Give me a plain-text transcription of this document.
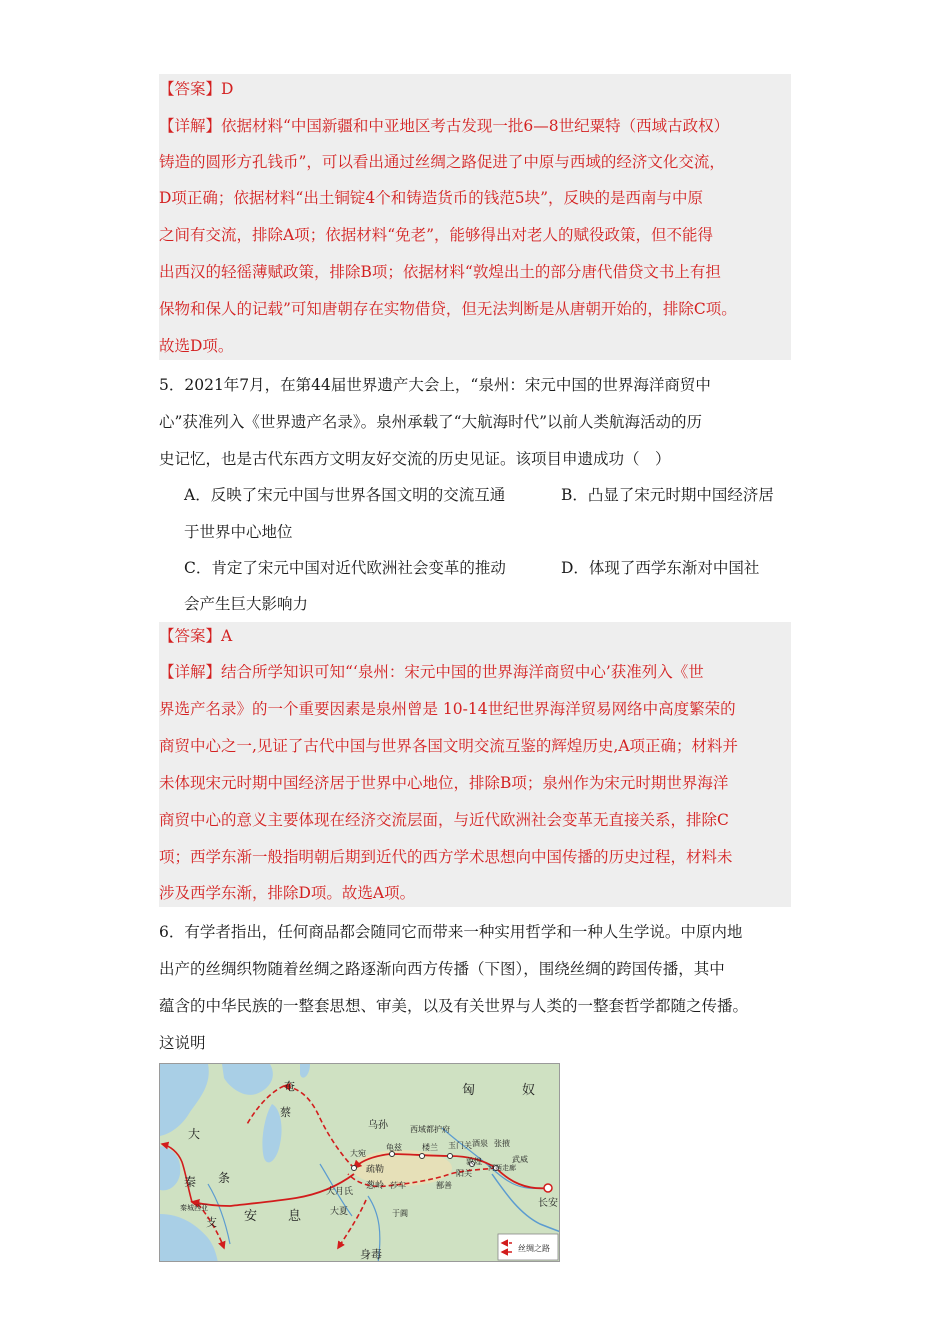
【答案】D
【详解】依据材料“中国新疆和中亚地区考古发现一批6—8世纪粟特（西域古政权）
铸造的圆形方孔钱币”，可以看出通过丝绸之路促进了中原与西域的经济文化交流，
D项正确；依据材料“出土铜锭4个和铸造货币的钱范5块”，反映的是西南与中原
之间有交流，排除A项；依据材料“免老”，能够得出对老人的赋役政策，但不能得
出西汉的轻徭薄赋政策，排除B项；依据材料“敦煌出土的部分唐代借贷文书上有担
保物和保人的记载”可知唐朝存在实物借贷，但无法判断是从唐朝开始的，排除C项。
故选D项。
5．2021年7月，在第44届世界遗产大会上，“泉州：宋元中国的世界海洋商贸中
心”获准列入《世界遗产名录》。泉州承载了“大航海时代”以前人类航海活动的历
史记忆，也是古代东西方文明友好交流的历史见证。该项目申遗成功（　）
A．反映了宋元中国与世界各国文明的交流互通	B．凸显了宋元时期中国经济居
于世界中心地位
C．肯定了宋元中国对近代欧洲社会变革的推动	D．体现了西学东渐对中国社
会产生巨大影响力
【答案】A
【详解】结合所学知识可知“‘泉州：宋元中国的世界海洋商贸中心’获准列入《世
界选产名录》的一个重要因素是泉州曾是 10-14世纪世界海洋贸易网络中高度繁荣的
商贸中心之一,见证了古代中国与世界各国文明交流互鉴的辉煌历史,A项正确；材料并
未体现宋元时期中国经济居于世界中心地位，排除B项；泉州作为宋元时期世界海洋
商贸中心的意义主要体现在经济交流层面，与近代欧洲社会变革无直接关系，排除C
项；西学东渐一般指明朝后期到近代的西方学术思想向中国传播的历史过程，材料未
涉及西学东渐，排除D项。故选A项。
6．有学者指出，任何商品都会随同它而带来一种实用哲学和一种人生学说。中原内地
出产的丝绸织物随着丝绸之路逐渐向西方传播（下图），围绕丝绸的跨国传播，其中
蕴含的中华民族的一整套思想、审美，以及有关世界与人类的一整套哲学都随之传播。
这说明
匈	奴
奄
蔡
大
秦 条
支 安 息
乌孙	西域都护府
大宛
龟兹	楼兰 玉门关 酒泉 张掖
武威
敦煌
河西走廊
阳关
疏勒
葱岭 莎车	鄯善
大月氏
大夏	于阗
身毒
长安
秦城西亚
丝绸之路
